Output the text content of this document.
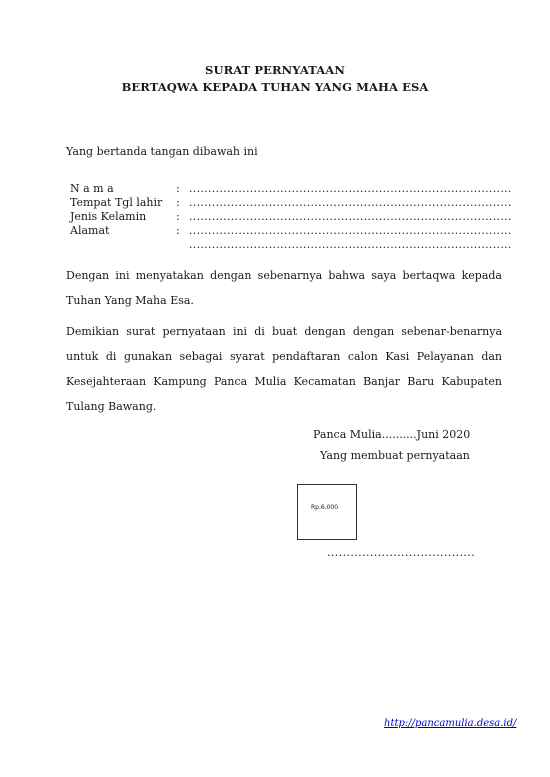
SURAT PERNYATAAN
BERTAQWA KEPADA TUHAN YANG MAHA ESA
Yang bertanda tangan dibawah ini
N a m a	: .....................................................................................
Tempat Tgl lahir : .....................................................................................
Jenis Kelamin	: .....................................................................................
Alamat	: .....................................................................................
.....................................................................................
Dengan ini menyatakan dengan sebenarnya bahwa saya bertaqwa kepada Tuhan Yang Maha Esa.
Demikian surat pernyataan ini di buat dengan dengan sebenar-benarnya untuk di gunakan sebagai syarat pendaftaran calon Kasi Pelayanan dan Kesejahteraan Kampung Panca Mulia Kecamatan Banjar Baru Kabupaten Tulang Bawang.
Panca Mulia..........Juni 2020
Yang membuat pernyataan
Rp.6.000
......................................
http://pancamulia.desa.id/
